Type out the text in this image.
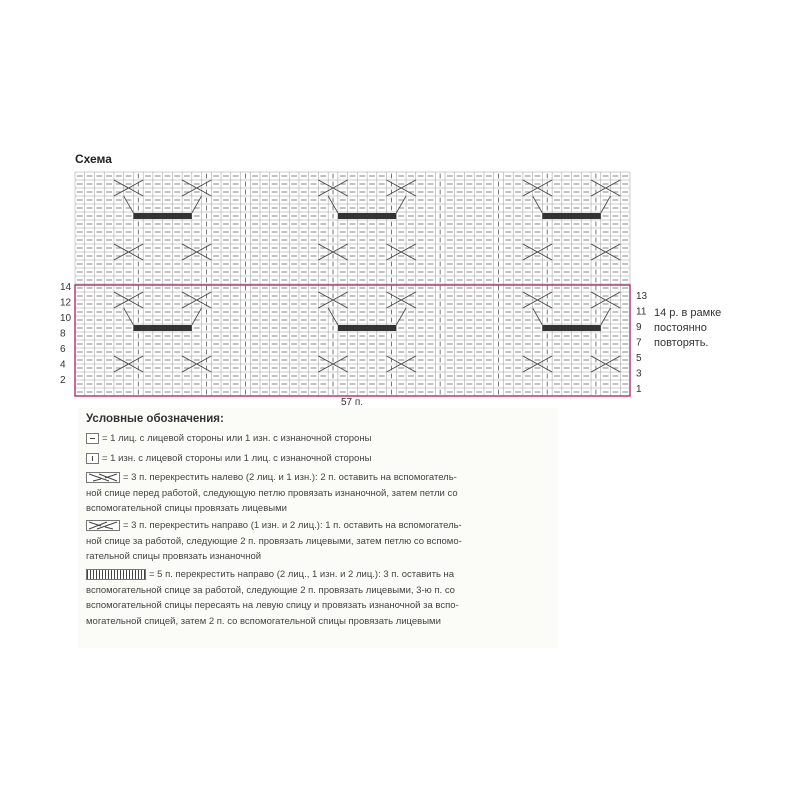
Схема
14
12
10
8
6
4
2
13
11
9
7
5
3
1
57 п.
14 р. в рамке
постоянно
повторять.
Условные обозначения:
= 1 лиц. с лицевой стороны или 1 изн. с изнаночной стороны
= 1 изн. с лицевой стороны или 1 лиц. с изнаночной стороны
= 3 п. перекрестить налево (2 лиц. и 1 изн.): 2 п. оставить на вспомогатель-
ной спице перед работой, следующую петлю провязать изнаночной, затем петли со
вспомогательной спицы провязать лицевыми
= 3 п. перекрестить направо (1 изн. и 2 лиц.): 1 п. оставить на вспомогатель-
ной спице за работой, следующие 2 п. провязать лицевыми, затем петлю со вспомо-
гательной спицы провязать изнаночной
= 5 п. перекрестить направо (2 лиц., 1 изн. и 2 лиц.): 3 п. оставить на
вспомогательной спице за работой, следующие 2 п. провязать лицевыми, 3-ю п. со
вспомогательной спицы пересаять на левую спицу и провязать изнаночной за вспо-
могательной спицей, затем 2 п. со вспомогательной спицы провязать лицевыми
